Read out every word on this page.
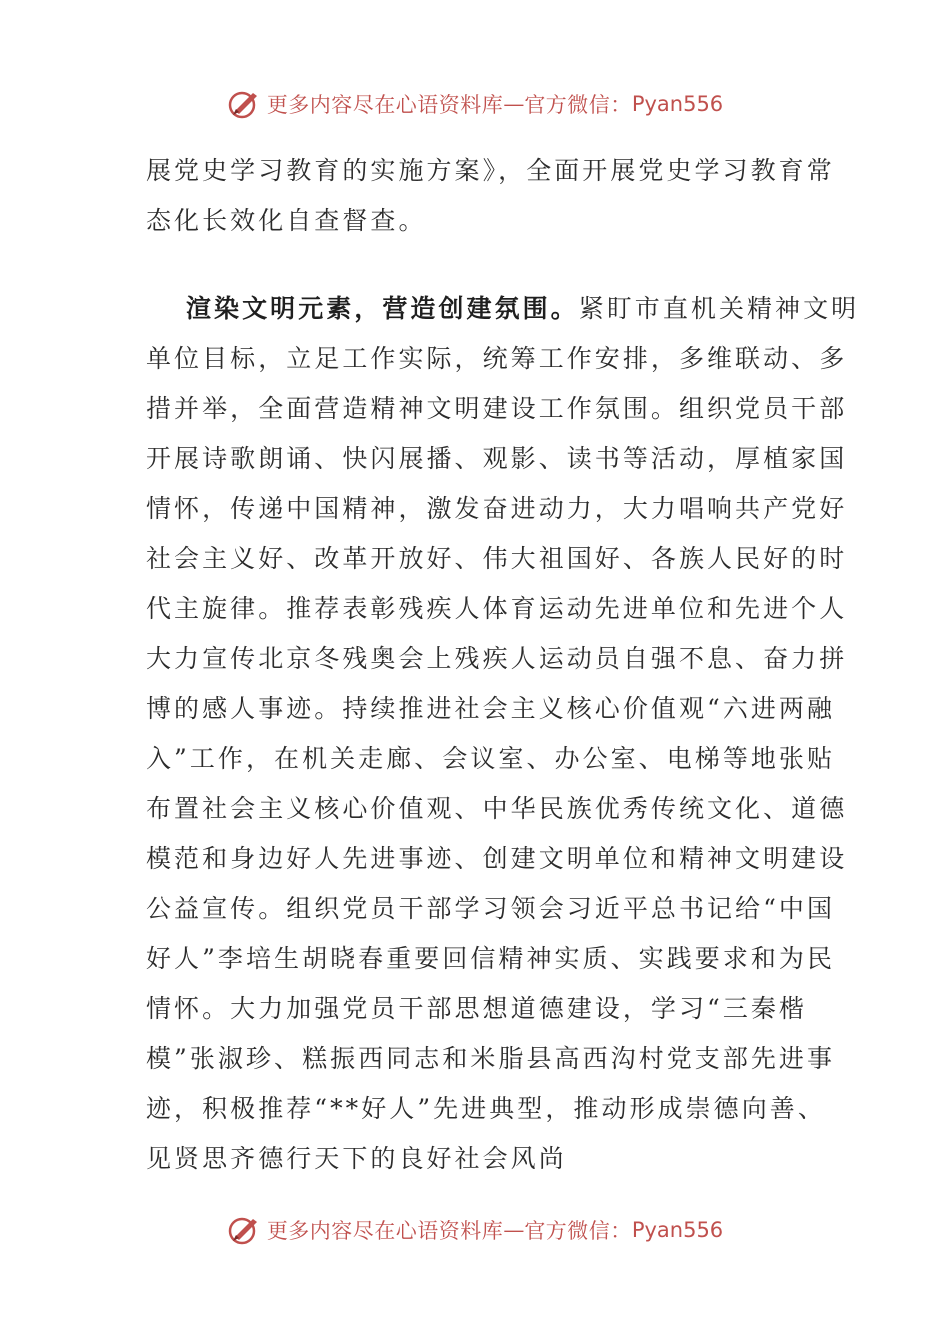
更多内容尽在心语资料库 — 官方微信： Pyan556
展党史学习教育的实施方案》，全面开展党史学习教育常
态化长效化自查督查。
渲染文明元素，营造创建氛围。紧盯市直机关精神文明
单位目标，立足工作实际，统筹工作安排，多维联动、多
措并举，全面营造精神文明建设工作氛围。组织党员干部
开展诗歌朗诵、快闪展播、观影、读书等活动，厚植家国
情怀，传递中国精神，激发奋进动力，大力唱响共产党好
社会主义好、改革开放好、伟大祖国好、各族人民好的时
代主旋律。推荐表彰残疾人体育运动先进单位和先进个人
大力宣传北京冬残奥会上残疾人运动员自强不息、奋力拼
博的感人事迹。持续推进社会主义核心价值观“六进两融
入”工作，在机关走廊、会议室、办公室、电梯等地张贴
布置社会主义核心价值观、中华民族优秀传统文化、道德
模范和身边好人先进事迹、创建文明单位和精神文明建设
公益宣传。组织党员干部学习领会习近平总书记给“中国
好人”李培生胡晓春重要回信精神实质、实践要求和为民
情怀。大力加强党员干部思想道德建设，学习“三秦楷
模”张淑珍、糕振西同志和米脂县高西沟村党支部先进事
迹，积极推荐“**好人”先进典型，推动形成崇德向善、
见贤思齐德行天下的良好社会风尚
更多内容尽在心语资料库 — 官方微信： Pyan556
